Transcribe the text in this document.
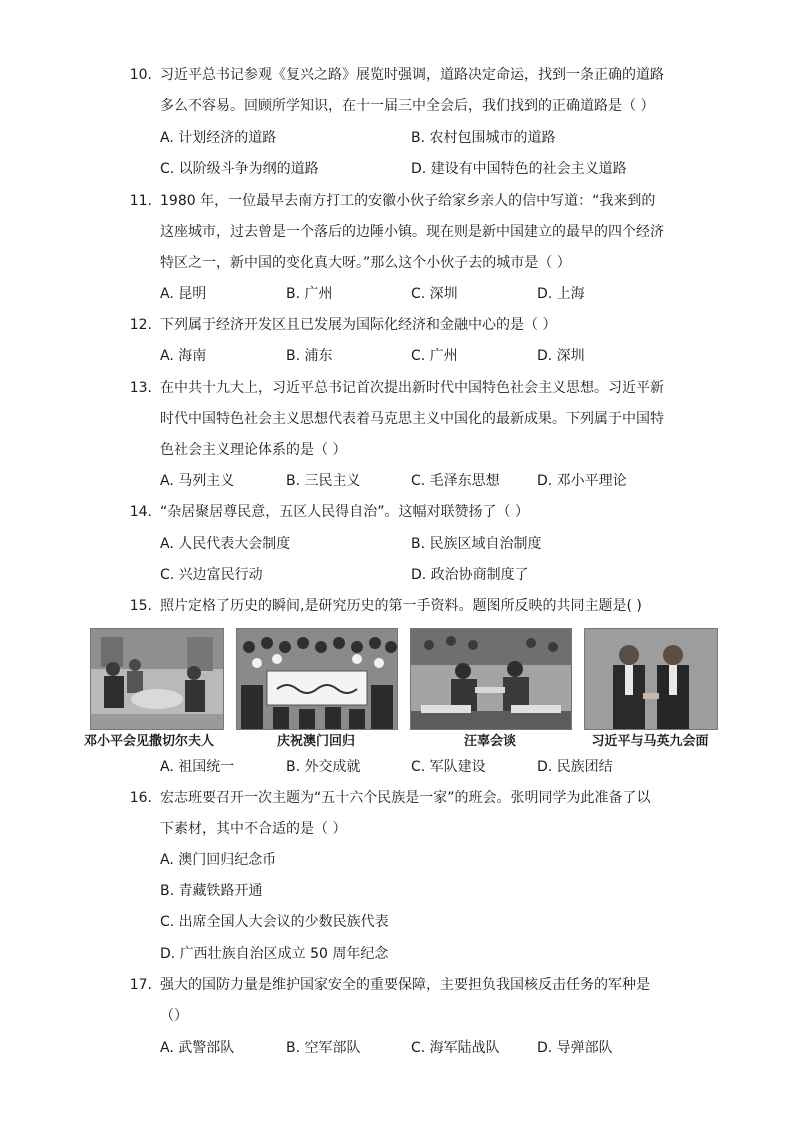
10. 习近平总书记参观《复兴之路》展览时强调，道路决定命运，找到一条正确的道路
多么不容易。回顾所学知识，在十一届三中全会后，我们找到的正确道路是（ ）
A. 计划经济的道路	B. 农村包围城市的道路
C. 以阶级斗争为纲的道路	D. 建设有中国特色的社会主义道路
11. 1980 年，一位最早去南方打工的安徽小伙子给家乡亲人的信中写道：“我来到的
这座城市，过去曾是一个落后的边陲小镇。现在则是新中国建立的最早的四个经济
特区之一，新中国的变化真大呀。”那么这个小伙子去的城市是（ ）
A. 昆明	B. 广州	C. 深圳	D. 上海
12. 下列属于经济开发区且已发展为国际化经济和金融中心的是（ ）
A. 海南	B. 浦东	C. 广州	D. 深圳
13. 在中共十九大上，习近平总书记首次提出新时代中国特色社会主义思想。习近平新
时代中国特色社会主义思想代表着马克思主义中国化的最新成果。下列属于中国特
色社会主义理论体系的是（ ）
A. 马列主义	B. 三民主义	C. 毛泽东思想	D. 邓小平理论
14. “杂居聚居尊民意，五区人民得自治”。这幅对联赞扬了（ ）
A. 人民代表大会制度	B. 民族区域自治制度
C. 兴边富民行动	D. 政治协商制度了
15. 照片定格了历史的瞬间,是研究历史的第一手资料。题图所反映的共同主题是( )
邓小平会见撒切尔夫人	庆祝澳门回归	汪辜会谈	习近平与马英九会面
A. 祖国统一	B. 外交成就	C. 军队建设	D. 民族团结
16. 宏志班要召开一次主题为“五十六个民族是一家”的班会。张明同学为此准备了以
下素材，其中不合适的是（ ）
A. 澳门回归纪念币
B. 青藏铁路开通
C. 出席全国人大会议的少数民族代表
D. 广西壮族自治区成立 50 周年纪念
17. 强大的国防力量是维护国家安全的重要保障，主要担负我国核反击任务的军种是
（）
A. 武警部队	B. 空军部队	C. 海军陆战队	D. 导弹部队
